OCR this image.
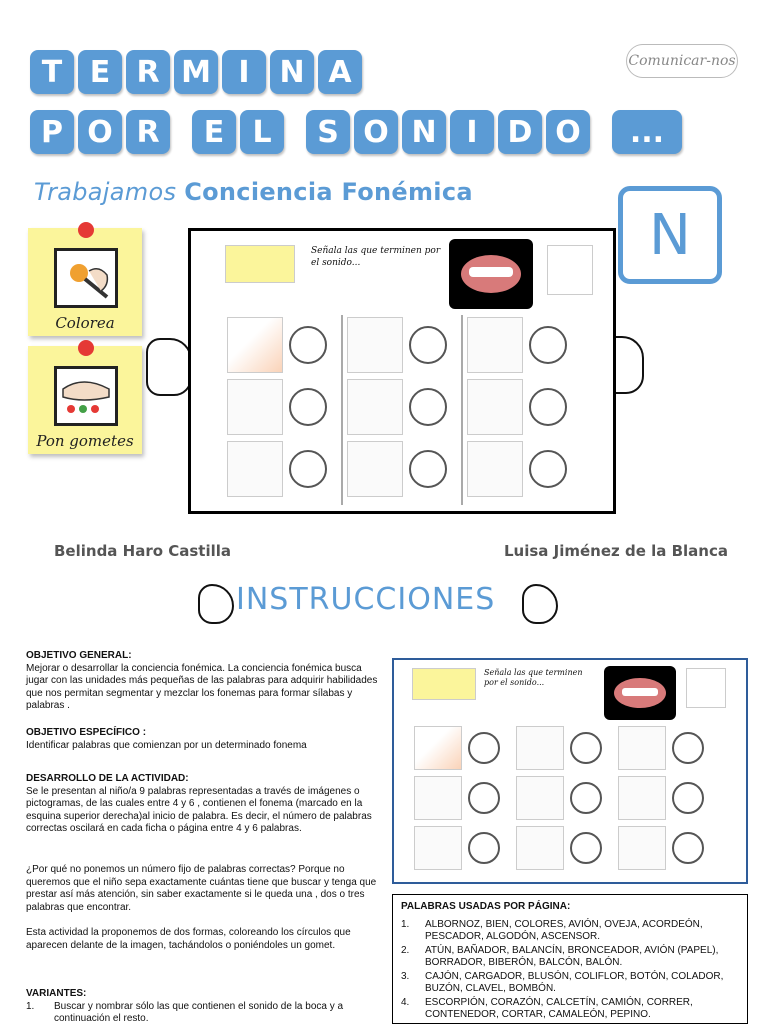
T E R M I N A
P O R	E L	S O N I D O	...
Comunicar-nos
Trabajamos Conciencia Fonémica
N
Colorea
Pon gometes
Señala las que terminen por el sonido...
Belinda Haro Castilla	Luisa Jiménez de la Blanca
INSTRUCCIONES
OBJETIVO GENERAL:
Mejorar o desarrollar la conciencia fonémica. La conciencia fonémica busca jugar con las unidades más pequeñas de las palabras para adquirir habilidades que nos permitan segmentar y mezclar los fonemas para formar sílabas y palabras .
OBJETIVO ESPECÍFICO :
Identificar palabras que comienzan por un determinado fonema
DESARROLLO DE LA ACTIVIDAD:
Se le presentan al niño/a 9 palabras representadas a través de imágenes o pictogramas, de las cuales entre 4 y 6 , contienen el fonema (marcado en la esquina superior derecha)al inicio de palabra. Es decir, el número de palabras correctas oscilará en cada ficha o página entre 4 y 6 palabras.
¿Por qué no ponemos un número fijo de palabras correctas? Porque no queremos que el niño sepa exactamente cuántas tiene que buscar y tenga que prestar así más atención, sin saber exactamente si le queda una , dos o tres palabras que encontrar.
Esta actividad la proponemos de dos formas, coloreando los círculos que aparecen delante de la imagen, tachándolos o poniéndoles un gomet.
VARIANTES:
1.	Buscar y nombrar sólo las que contienen el sonido de la boca y a continuación el resto.
Señala las que terminen por el sonido...
PALABRAS USADAS POR PÁGINA:
1.	ALBORNOZ, BIEN, COLORES, AVIÓN, OVEJA, ACORDEÓN, PESCADOR, ALGODÓN, ASCENSOR.
2.	ATÚN, BAÑADOR, BALANCÍN, BRONCEADOR, AVIÓN (PAPEL), BORRADOR, BIBERÓN, BALCÓN, BALÓN.
3.	CAJÓN, CARGADOR, BLUSÓN, COLIFLOR, BOTÓN, COLADOR, BUZÓN, CLAVEL, BOMBÓN.
4.	ESCORPIÓN, CORAZÓN, CALCETÍN, CAMIÓN, CORRER, CONTENEDOR, CORTAR, CAMALEÓN, PEPINO.
